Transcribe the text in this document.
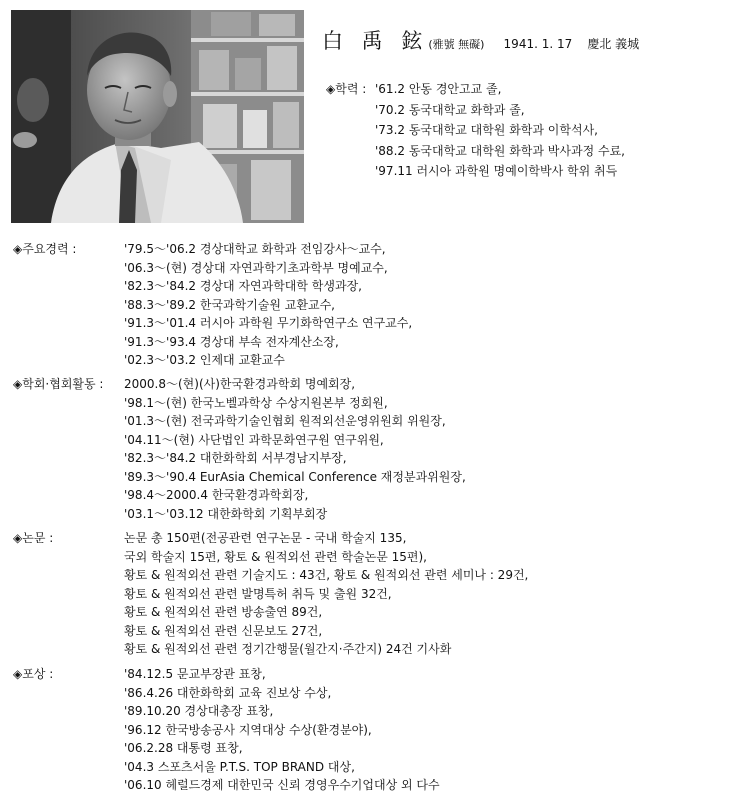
白 禹 鉉(雅號 無礙) 1941. 1. 17 慶北 義城
◈학력 : '61.2 안동 경안고교 졸,
'70.2 동국대학교 화학과 졸,
'73.2 동국대학교 대학원 화학과 이학석사,
'88.2 동국대학교 대학원 화학과 박사과정 수료,
'97.11 러시아 과학원 명예이학박사 학위 취득
◈주요경력 :	'79.5～'06.2 경상대학교 화학과 전임강사～교수,
'06.3～(현) 경상대 자연과학기초과학부 명예교수,
'82.3～'84.2 경상대 자연과학대학 학생과장,
'88.3～'89.2 한국과학기술원 교환교수,
'91.3～'01.4 러시아 과학원 무기화학연구소 연구교수,
'91.3～'93.4 경상대 부속 전자계산소장,
'02.3～'03.2 인제대 교환교수
◈학회·협회활동 : 2000.8～(현)(사)한국환경과학회 명예회장,
'98.1～(현) 한국노벨과학상 수상지원본부 정회원,
'01.3～(현) 전국과학기술인협회 원적외선운영위원회 위원장,
'04.11～(현) 사단법인 과학문화연구원 연구위원,
'82.3～'84.2 대한화학회 서부경남지부장,
'89.3～'90.4 EurAsia Chemical Conference 재정분과위원장,
'98.4～2000.4 한국환경과학회장,
'03.1～'03.12 대한화학회 기획부회장
◈논문 :	논문 총 150편(전공관련 연구논문 - 국내 학술지 135,
국외 학술지 15편, 황토 & 원적외선 관련 학술논문 15편),
황토 & 원적외선 관련 기술지도 : 43건, 황토 & 원적외선 관련 세미나 : 29건,
황토 & 원적외선 관련 발명특허 취득 및 출원 32건,
황토 & 원적외선 관련 방송출연 89건,
황토 & 원적외선 관련 신문보도 27건,
황토 & 원적외선 관련 정기간행물(월간지·주간지) 24건 기사화
◈포상 :	'84.12.5 문교부장관 표창,
'86.4.26 대한화학회 교육 진보상 수상,
'89.10.20 경상대총장 표창,
'96.12 한국방송공사 지역대상 수상(환경분야),
'06.2.28 대통령 표창,
'04.3 스포츠서울 P.T.S. TOP BRAND 대상,
'06.10 헤럴드경제 대한민국 신뢰 경영우수기업대상 외 다수
